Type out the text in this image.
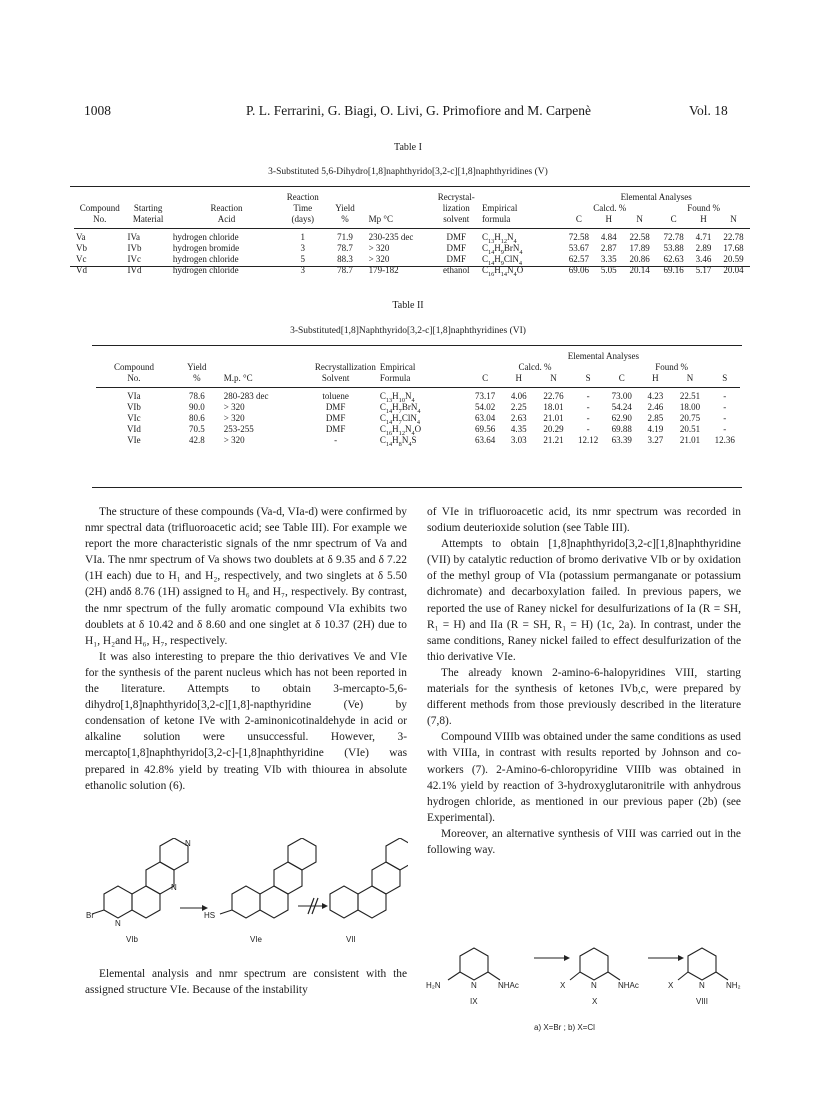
1008	P. L. Ferrarini, G. Biagi, O. Livi, G. Primofiore and M. Carpenè	Vol. 18
Table I
3-Substituted 5,6-Dihydro[1,8]naphthyrido[3,2-c][1,8]naphthyridines (V)
			Reaction			Recrystal-		Elemental Analyses					
Compound	Starting	Reaction	Time	Yield		lization	Empirical	Calcd. %			Found %		
No.	Material	Acid	(days)	%	Mp °C	solvent	formula	C	H	N	C	H	N

Va	IVa	hydrogen chloride	1	71.9	230-235 dec	DMF	$C_{13}H_{12}N_4$	72.58	4.84	22.58	72.78	4.71	22.78
Vb	IVb	hydrogen bromide	3	78.7	> 320	DMF	$C_{14}H_9BrN_4$	53.67	2.87	17.89	53.88	2.89	17.68
Vc	IVc	hydrogen chloride	5	88.3	> 320	DMF	$C_{14}H_9ClN_4$	62.57	3.35	20.86	62.63	3.46	20.59
Vd	IVd	hydrogen chloride	3	78.7	179-182	ethanol	$C_{16}H_{14}N_4O$	69.06	5.05	20.14	69.16	5.17	20.04
Table II
3-Substituted[1,8]Naphthyrido[3,2-c][1,8]naphthyridines (VI)
					Elemental Analyses							
Compound	Yield		Recrystallization	Empirical	Calcd. %				Found %			
No.	%	M.p. °C	Solvent	Formula	C	H	N	S	C	H	N	S

VIa	78.6	280-283 dec	toluene	$C_{13}H_{10}N_4$	73.17	4.06	22.76	-	73.00	4.23	22.51	-
VIb	90.0	> 320	DMF	$C_{14}H_7BrN_4$	54.02	2.25	18.01	-	54.24	2.46	18.00	-
VIc	80.6	> 320	DMF	$C_{14}H_7ClN_4$	63.04	2.63	21.01	-	62.90	2.85	20.75	-
VId	70.5	253-255	DMF	$C_{16}H_{12}N_4O$	69.56	4.35	20.29	-	69.88	4.19	20.51	-
VIe	42.8	> 320	-	$C_{14}H_8N_4S$	63.64	3.03	21.21	12.12	63.39	3.27	21.01	12.36

The structure of these compounds (Va-d, VIa-d) were confirmed by nmr spectral data (trifluoroacetic acid; see Table III). For example we report the more characteristic signals of the nmr spectrum of Va and VIa. The nmr spectrum of Va shows two doublets at δ 9.35 and δ 7.22 (1H each) due to H₁ and H₂, respectively, and two singlets at δ 5.50 (2H) andδ 8.76 (1H) assigned to H₆ and H₇, respectively. By contrast, the nmr spectrum of the fully aromatic compound VIa exhibits two doublets at δ 10.42 and δ 8.60 and one singlet at δ 10.37 (2H) due to H₁, H₂and H₆, H₇, respectively.

It was also interesting to prepare the thio derivatives Ve and VIe for the synthesis of the parent nucleus which has not been reported in the literature. Attempts to obtain 3-mercapto-5,6-dihydro[1,8]naphthyrido[3,2-c][1,8]-napthyridine (Ve) by condensation of ketone IVe with 2-aminonicotinaldehyde in acid or alkaline solution were unsuccessful. However, 3-mercapto[1,8]naphthyrido[3,2-c]-[1,8]naphthyridine (VIe) was prepared in 42.8% yield by treating VIb with thiourea in absolute ethanolic solution (6).

Br
N
N
N
HS
VIb	VIe	VII

Elemental analysis and nmr spectrum are consistent with the assigned structure VIe. Because of the instability

of VIe in trifluoroacetic acid, its nmr spectrum was recorded in sodium deuterioxide solution (see Table III).

Attempts to obtain [1,8]naphthyrido[3,2-c][1,8]naphthyridine (VII) by catalytic reduction of bromo derivative VIb or by oxidation of the methyl group of VIa (potassium permanganate or potassium dichromate) and decarboxylation failed. In previous papers, we reported the use of Raney nickel for desulfurizations of Ia (R = SH, R₁ = H) and IIa (R = SH, R₁ = H) (1c, 2a). In contrast, under the same conditions, Raney nickel failed to effect desulfurization of the thio derivative VIe.

The already known 2-amino-6-halopyridines VIII, starting materials for the synthesis of ketones IVb,c, were prepared by different methods from those previously described in the literature (7,8).

Compound VIIIb was obtained under the same conditions as used with VIIIa, in contrast with results reported by Johnson and co-workers (7). 2-Amino-6-chloropyridine VIIIb was obtained in 42.1% yield by reaction of 3-hydroxyglutaronitrile with anhydrous hydrogen chloride, as mentioned in our previous paper (2b) (see Experimental).

Moreover, an alternative synthesis of VIII was carried out in the following way.

H₂N	N	NHAc	X	N	NHAc	X	N	NH₂
IX	X	VIII
a) X=Br ; b) X=Cl
